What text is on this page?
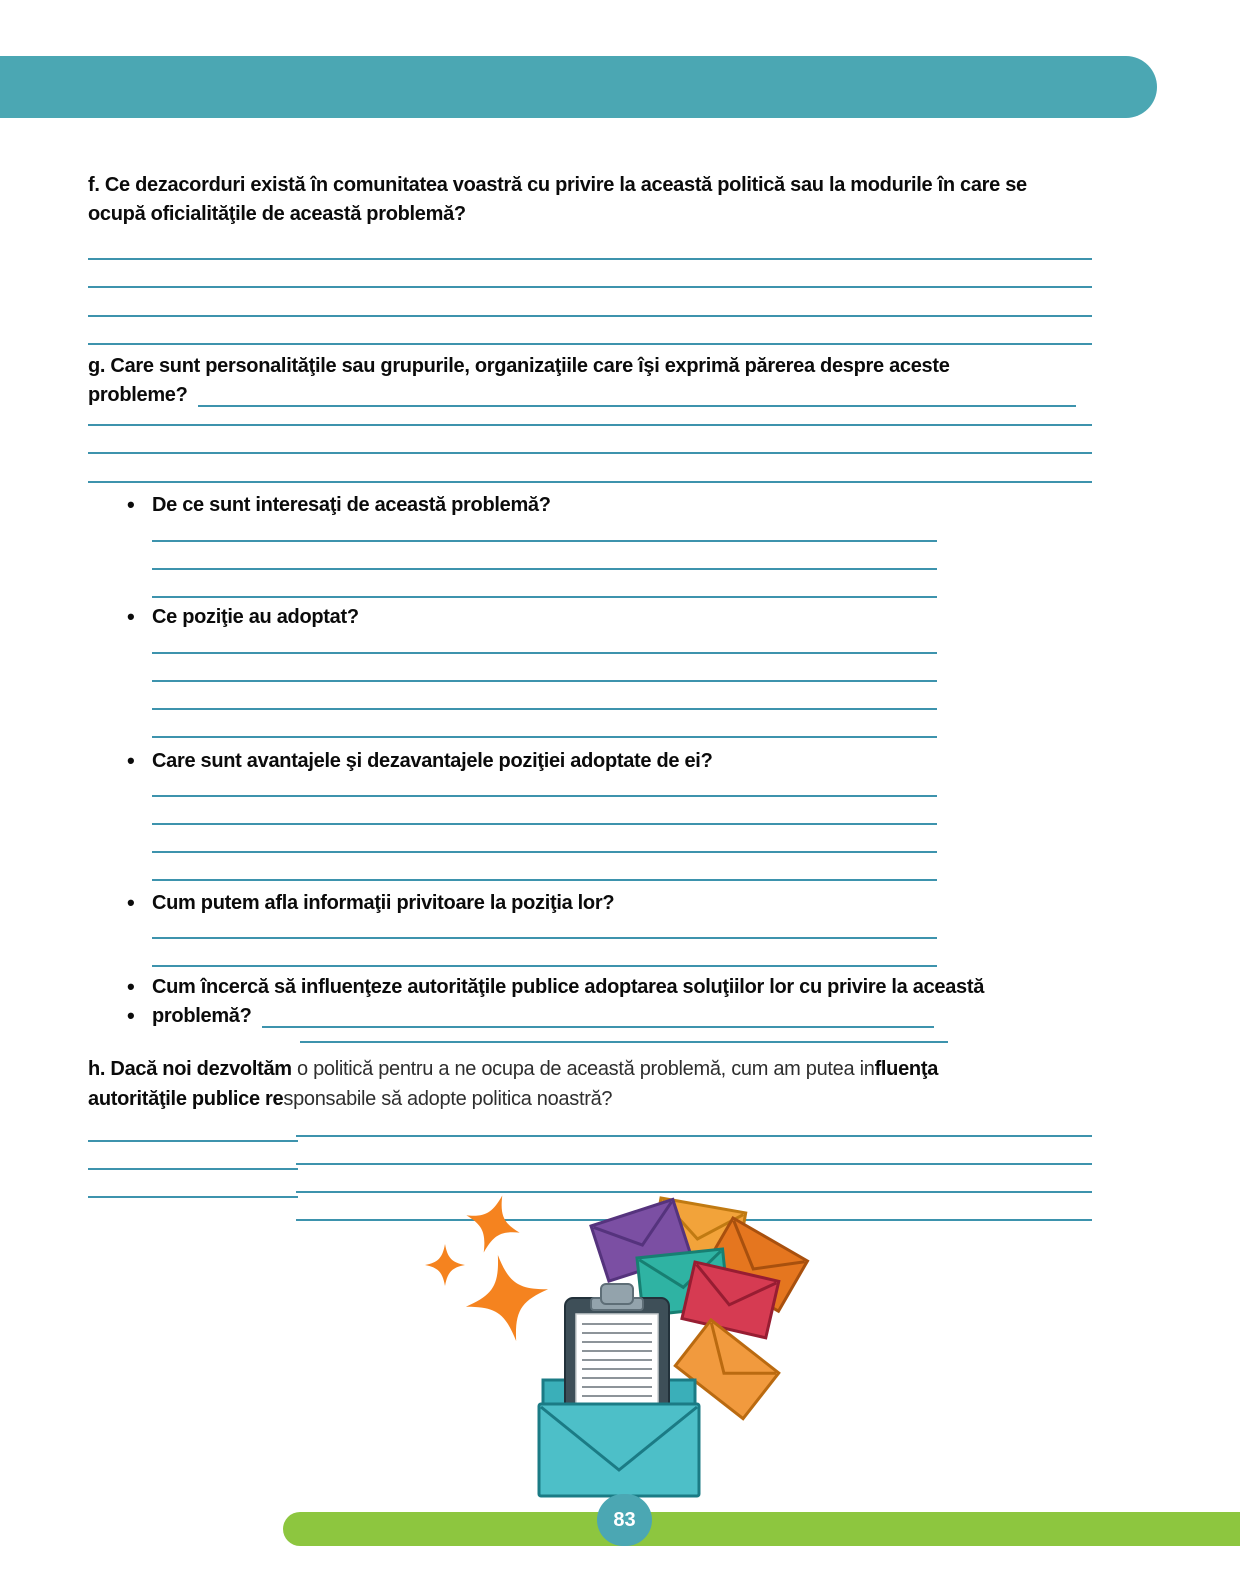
f. Ce dezacorduri există în comunitatea voastră cu privire la această politică sau la modurile în care se
ocupă oficialităţile de această problemă?
g. Care sunt personalităţile sau grupurile, organizaţiile care îşi exprimă părerea despre aceste
probleme?
• De ce sunt interesaţi de această problemă?
• Ce poziţie au adoptat?
• Care sunt avantajele şi dezavantajele poziţiei adoptate de ei?
• Cum putem afla informaţii privitoare la poziţia lor?
• Cum încercă să influenţeze autorităţile publice adoptarea soluţiilor lor cu privire la această
• problemă?
h. Dacă noi dezvoltăm o politică pentru a ne ocupa de această problemă, cum am putea influenţa
autorităţile publice responsabile să adopte politica noastră?
83
